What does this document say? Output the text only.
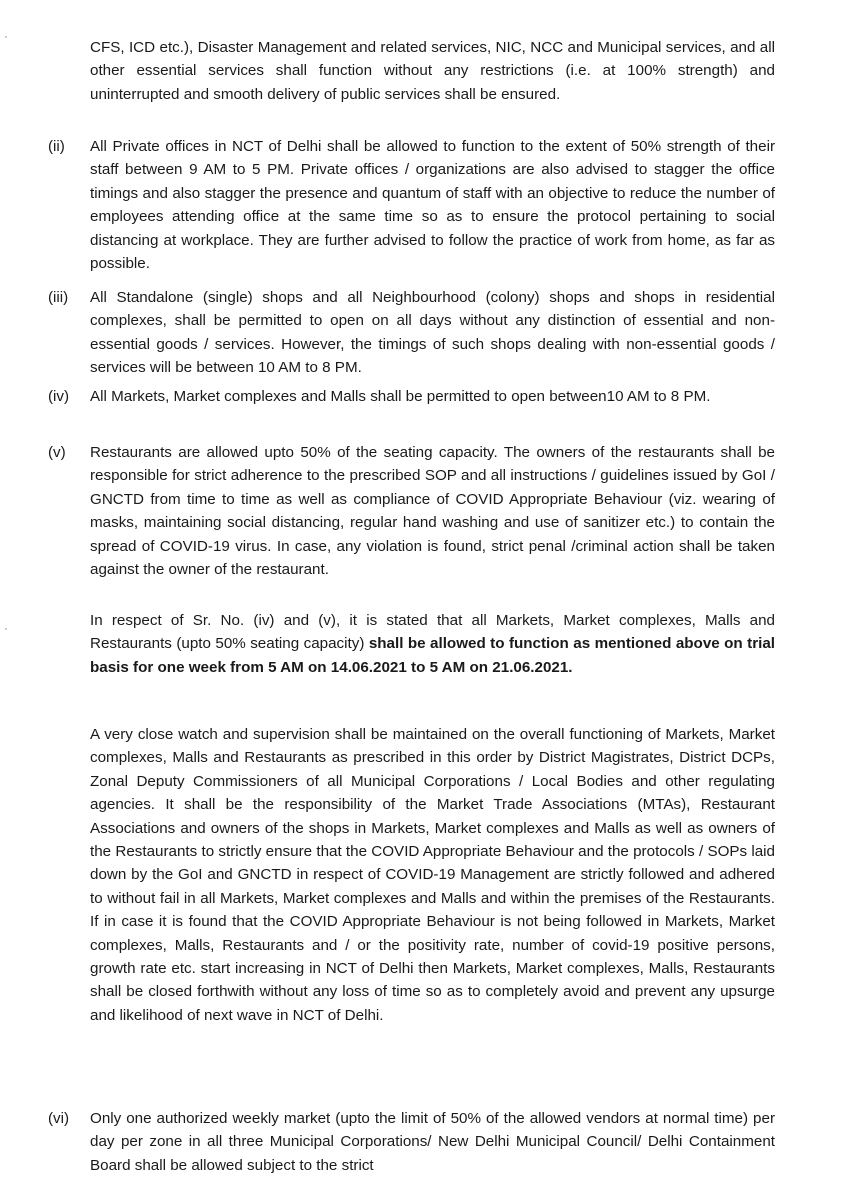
CFS, ICD etc.), Disaster Management and related services, NIC, NCC and Municipal services, and all other essential services shall function without any restrictions (i.e. at 100% strength) and uninterrupted and smooth delivery of public services shall be ensured.

(ii)	All Private offices in NCT of Delhi shall be allowed to function to the extent of 50% strength of their staff between 9 AM to 5 PM. Private offices / organizations are also advised to stagger the office timings and also stagger the presence and quantum of staff with an objective to reduce the number of employees attending office at the same time so as to ensure the protocol pertaining to social distancing at workplace. They are further advised to follow the practice of work from home, as far as possible.
(iii)	All Standalone (single) shops and all Neighbourhood (colony) shops and shops in residential complexes, shall be permitted to open on all days without any distinction of essential and non-essential goods / services. However, the timings of such shops dealing with non-essential goods / services will be between 10 AM to 8 PM.
(iv)	All Markets, Market complexes and Malls shall be permitted to open between10 AM to 8 PM.
(v)	Restaurants are allowed upto 50% of the seating capacity. The owners of the restaurants shall be responsible for strict adherence to the prescribed SOP and all instructions / guidelines issued by GoI / GNCTD from time to time as well as compliance of COVID Appropriate Behaviour (viz. wearing of masks, maintaining social distancing, regular hand washing and use of sanitizer etc.) to contain the spread of COVID-19 virus. In case, any violation is found, strict penal /criminal action shall be taken against the owner of the restaurant.

In respect of Sr. No. (iv) and (v), it is stated that all Markets, Market complexes, Malls and Restaurants (upto 50% seating capacity) shall be allowed to function as mentioned above on trial basis for one week from 5 AM on 14.06.2021 to 5 AM on 21.06.2021.

A very close watch and supervision shall be maintained on the overall functioning of Markets, Market complexes, Malls and Restaurants as prescribed in this order by District Magistrates, District DCPs, Zonal Deputy Commissioners of all Municipal Corporations / Local Bodies and other regulating agencies. It shall be the responsibility of the Market Trade Associations (MTAs), Restaurant Associations and owners of the shops in Markets, Market complexes and Malls as well as owners of the Restaurants to strictly ensure that the COVID Appropriate Behaviour and the protocols / SOPs laid down by the GoI and GNCTD in respect of COVID-19 Management are strictly followed and adhered to without fail in all Markets, Market complexes and Malls and within the premises of the Restaurants. If in case it is found that the COVID Appropriate Behaviour is not being followed in Markets, Market complexes, Malls, Restaurants and / or the positivity rate, number of covid-19 positive persons, growth rate etc. start increasing in NCT of Delhi then Markets, Market complexes, Malls, Restaurants shall be closed forthwith without any loss of time so as to completely avoid and prevent any upsurge and likelihood of next wave in NCT of Delhi.

(vi)	Only one authorized weekly market (upto the limit of 50% of the allowed vendors at normal time) per day per zone in all three Municipal Corporations/ New Delhi Municipal Council/ Delhi Containment Board shall be allowed subject to the strict
